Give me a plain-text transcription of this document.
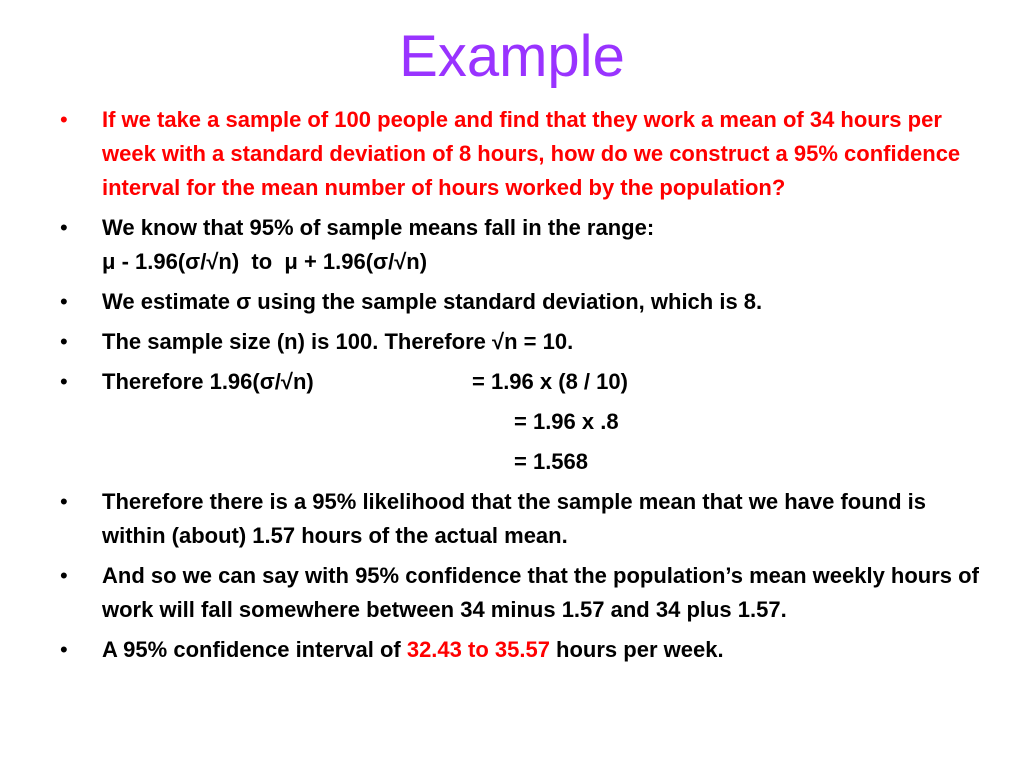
Example
• If we take a sample of 100 people and find that they work a mean of 34 hours per week with a standard deviation of 8 hours, how do we construct a 95% confidence interval for the mean number of hours worked by the population?
• We know that 95% of sample means fall in the range:
μ - 1.96(σ/√n)  to  μ + 1.96(σ/√n)
• We estimate σ using the sample standard deviation, which is 8.
• The sample size (n) is 100. Therefore √n = 10.
• Therefore 1.96(σ/√n)	= 1.96 x (8 / 10)
= 1.96 x .8
= 1.568
• Therefore there is a 95% likelihood that the sample mean that we have found is within (about) 1.57 hours of the actual mean.
• And so we can say with 95% confidence that the population’s mean weekly hours of work will fall somewhere between 34 minus 1.57 and 34 plus 1.57.
• A 95% confidence interval of 32.43 to 35.57 hours per week.
